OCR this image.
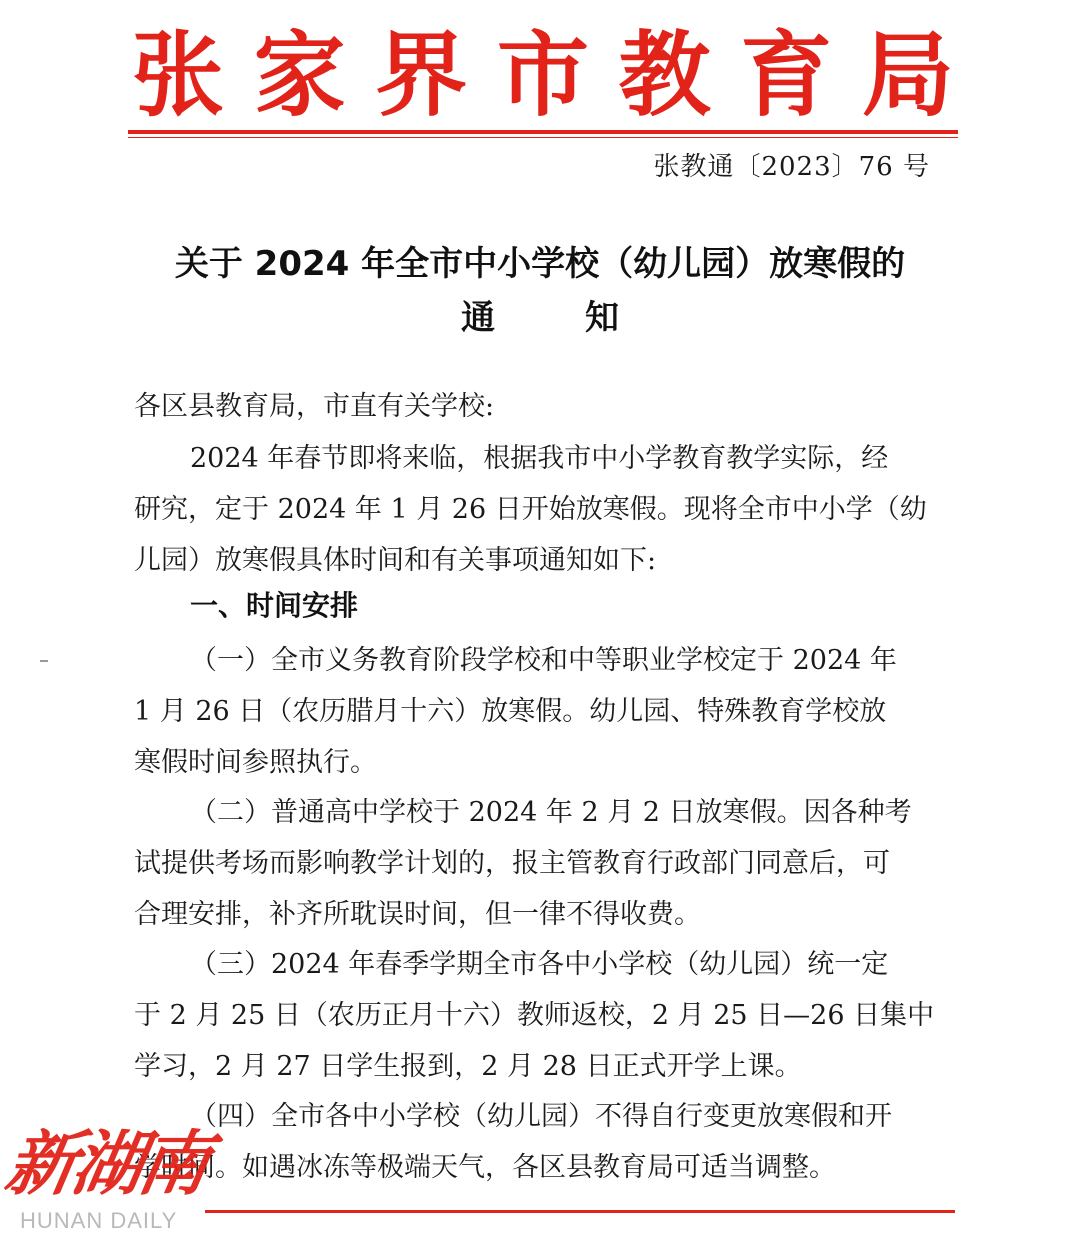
张 家 界 市 教 育 局
张教通〔2023〕76 号
关于 2024 年全市中小学校（幼儿园）放寒假的
通	知
各区县教育局，市直有关学校:
2024 年春节即将来临，根据我市中小学教育教学实际，经
研究，定于 2024 年 1 月 26 日开始放寒假。现将全市中小学（幼
儿园）放寒假具体时间和有关事项通知如下:
一、时间安排
（一）全市义务教育阶段学校和中等职业学校定于 2024 年
1 月 26 日（农历腊月十六）放寒假。幼儿园、特殊教育学校放
寒假时间参照执行。
（二）普通高中学校于 2024 年 2 月 2 日放寒假。因各种考
试提供考场而影响教学计划的，报主管教育行政部门同意后，可
合理安排，补齐所耽误时间，但一律不得收费。
（三）2024 年春季学期全市各中小学校（幼儿园）统一定
于 2 月 25 日（农历正月十六）教师返校，2 月 25 日—26 日集中
学习，2 月 27 日学生报到，2 月 28 日正式开学上课。
（四）全市各中小学校（幼儿园）不得自行变更放寒假和开
学时间。如遇冰冻等极端天气，各区县教育局可适当调整。
新湖南
HUNAN DAILY
